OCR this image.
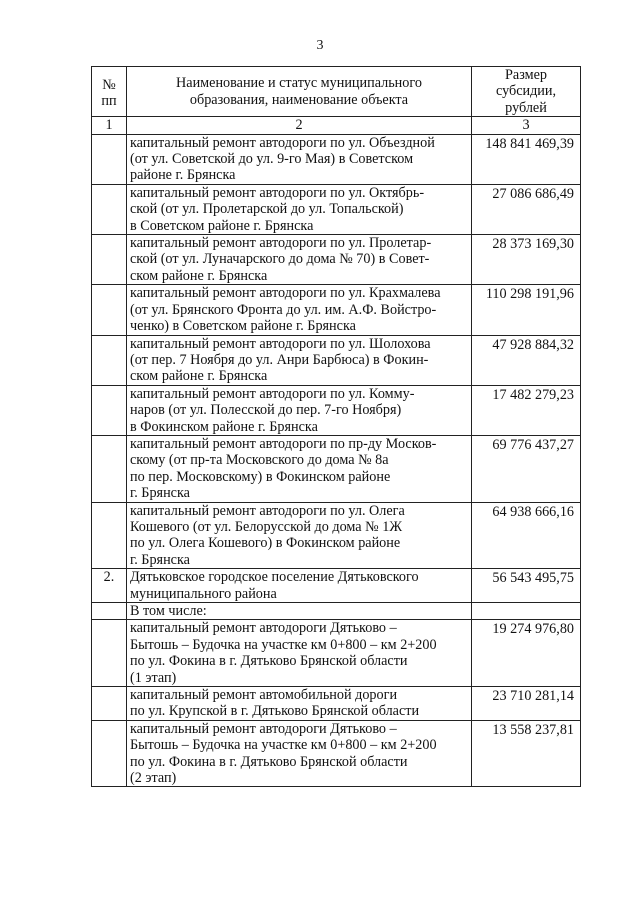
3
№
пп	Наименование и статус муниципального
образования, наименование объекта	Размер
субсидии,
рублей

1	2	3

	капитальный ремонт автодороги по ул. Объездной
(от ул. Советской до ул. 9-го Мая) в Советском
районе г. Брянска	148 841 469,39

	капитальный ремонт автодороги по ул. Октябрь-
ской (от ул. Пролетарской до ул. Топальской)
в Советском районе г. Брянска	27 086 686,49

	капитальный ремонт автодороги по ул. Пролетар-
ской (от ул. Луначарского до дома № 70) в Совет-
ском районе г. Брянска	28 373 169,30

	капитальный ремонт автодороги по ул. Крахмалева
(от ул. Брянского Фронта до ул. им. А.Ф. Войстро-
ченко) в Советском районе г. Брянска	110 298 191,96

	капитальный ремонт автодороги по ул. Шолохова
(от пер. 7 Ноября до ул. Анри Барбюса) в Фокин-
ском районе г. Брянска	47 928 884,32

	капитальный ремонт автодороги по ул. Комму-
наров (от ул. Полесской до пер. 7-го Ноября)
в Фокинском районе г. Брянска	17 482 279,23

	капитальный ремонт автодороги по пр-ду Москов-
скому (от пр-та Московского до дома № 8а
по пер. Московскому) в Фокинском районе
г. Брянска	69 776 437,27

	капитальный ремонт автодороги по ул. Олега
Кошевого (от ул. Белорусской до дома № 1Ж
по ул. Олега Кошевого) в Фокинском районе
г. Брянска	64 938 666,16
2.	Дятьковское городское поселение Дятьковского
муниципального района	56 543 495,75

	В том числе:	

	капитальный ремонт автодороги Дятьково –
Бытошь – Будочка на участке км 0+800 – км 2+200
по ул. Фокина в г. Дятьково Брянской области
(1 этап)	19 274 976,80

	капитальный ремонт автомобильной дороги
по ул. Крупской в г. Дятьково Брянской области	23 710 281,14

	капитальный ремонт автодороги Дятьково –
Бытошь – Будочка на участке км 0+800 – км 2+200
по ул. Фокина в г. Дятьково Брянской области
(2 этап)	13 558 237,81
